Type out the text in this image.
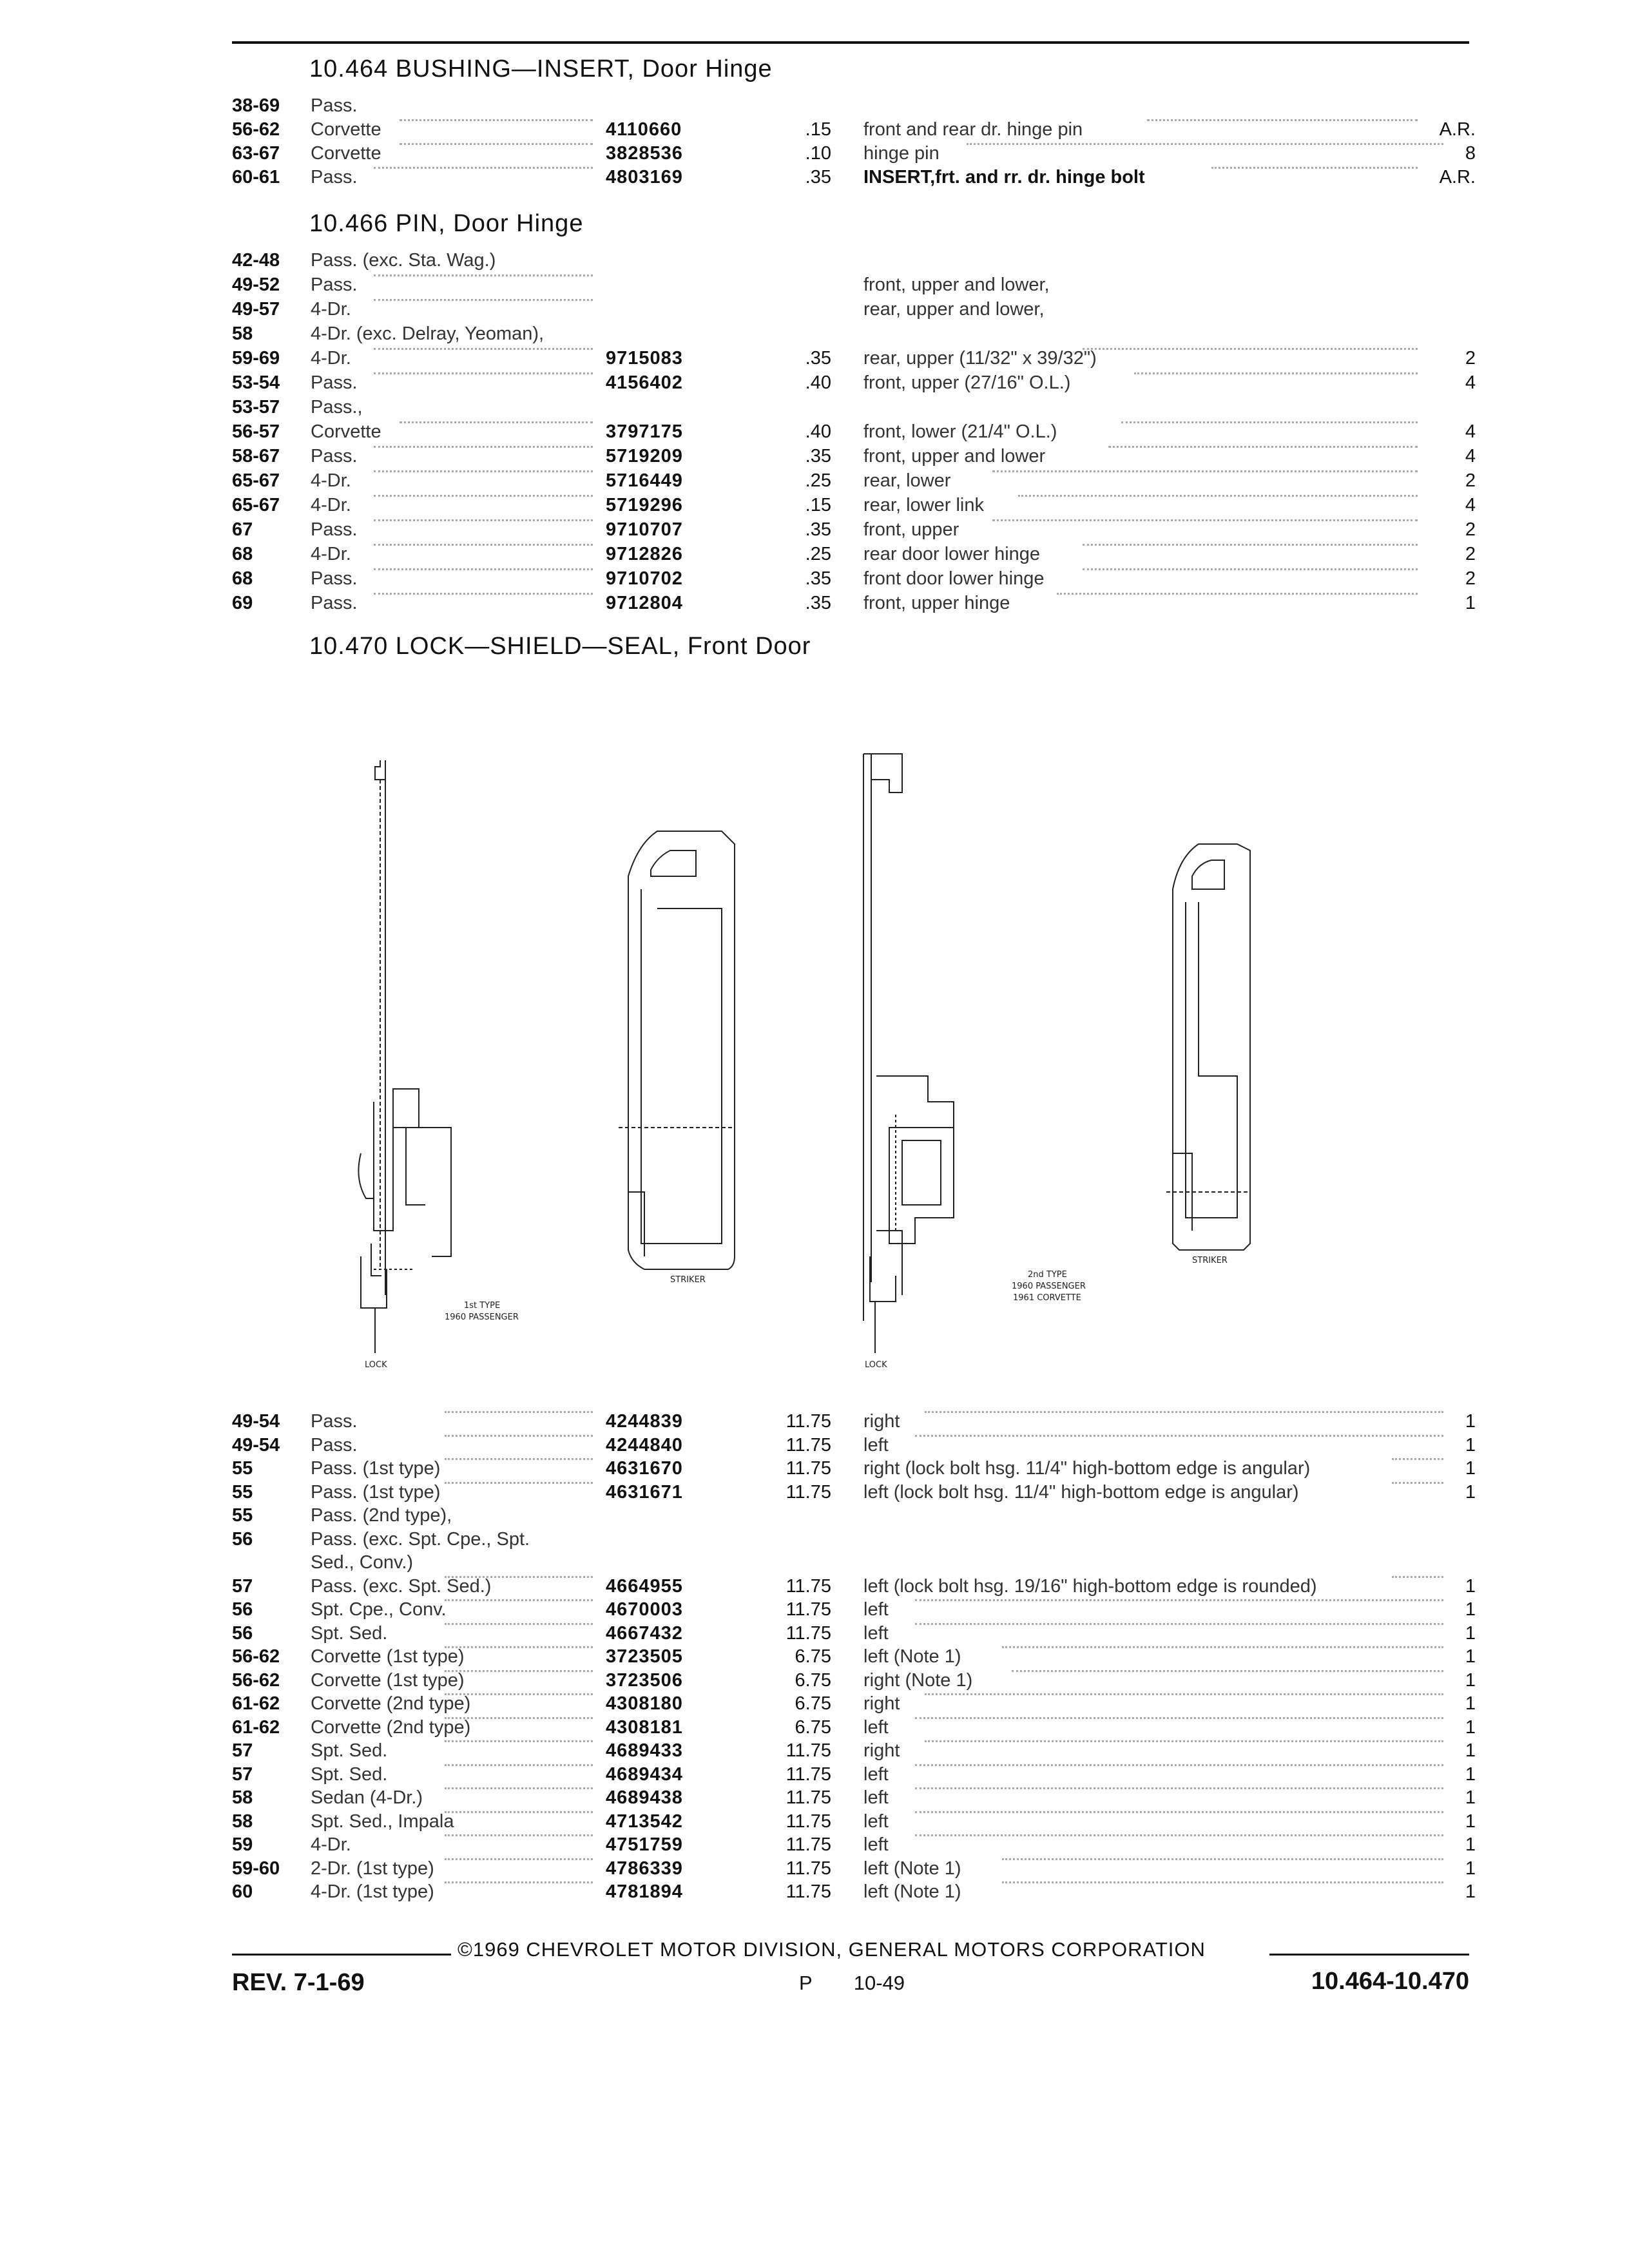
10.464 BUSHING—INSERT, Door Hinge
38-69 Pass.
56-62 Corvette	4110660	.15 front and rear dr. hinge pin	A.R.
63-67 Corvette	3828536	.10 hinge pin	8
60-61 Pass.	4803169	.35 INSERT,frt. and rr. dr. hinge bolt	A.R.
10.466 PIN, Door Hinge
42-48 Pass. (exc. Sta. Wag.)
49-52 Pass.	front, upper and lower,
49-57 4-Dr.	rear, upper and lower,
58	4-Dr. (exc. Delray, Yeoman),
59-69 4-Dr.	9715083	.35 rear, upper (11/32" x 39/32")	2
53-54 Pass.	4156402	.40 front, upper (27/16" O.L.)	4
53-57 Pass.,
56-57 Corvette	3797175	.40 front, lower (21/4" O.L.)	4
58-67 Pass.	5719209	.35 front, upper and lower	4
65-67 4-Dr.	5716449	.25 rear, lower	2
65-67 4-Dr.	5719296	.15 rear, lower link	4
67	Pass.	9710707	.35 front, upper	2
68	4-Dr.	9712826	.25 rear door lower hinge	2
68	Pass.	9710702	.35 front door lower hinge	2
69	Pass.	9712804	.35 front, upper hinge	1
10.470 LOCK—SHIELD—SEAL, Front Door
STRIKER
1st TYPE
1960 PASSENGER
LOCK
STRIKER
2nd TYPE
1960 PASSENGER
1961 CORVETTE
LOCK
49-54 Pass.	4244839	11.75 right	1
49-54 Pass.	4244840	11.75 left	1
55	Pass. (1st type)	4631670	11.75 right (lock bolt hsg. 11/4" high-bottom edge is angular)	1
55	Pass. (1st type)	4631671	11.75 left (lock bolt hsg. 11/4" high-bottom edge is angular)	1
55	Pass. (2nd type),
56	Pass. (exc. Spt. Cpe., Spt.
Sed., Conv.)
57	Pass. (exc. Spt. Sed.)	4664955	11.75 left (lock bolt hsg. 19/16" high-bottom edge is rounded)	1
56	Spt. Cpe., Conv.	4670003	11.75 left	1
56	Spt. Sed.	4667432	11.75 left	1
56-62 Corvette (1st type)	3723505	6.75 left (Note 1)	1
56-62 Corvette (1st type)	3723506	6.75 right (Note 1)	1
61-62 Corvette (2nd type)	4308180	6.75 right	1
61-62 Corvette (2nd type)	4308181	6.75 left	1
57	Spt. Sed.	4689433	11.75 right	1
57	Spt. Sed.	4689434	11.75 left	1
58	Sedan (4-Dr.)	4689438	11.75 left	1
58	Spt. Sed., Impala	4713542	11.75 left	1
59	4-Dr.	4751759	11.75 left	1
59-60 2-Dr. (1st type)	4786339	11.75 left (Note 1)	1
60	4-Dr. (1st type)	4781894	11.75 left (Note 1)	1
©1969 CHEVROLET MOTOR DIVISION, GENERAL MOTORS CORPORATION
REV. 7-1-69	P 10-49	10.464-10.470
